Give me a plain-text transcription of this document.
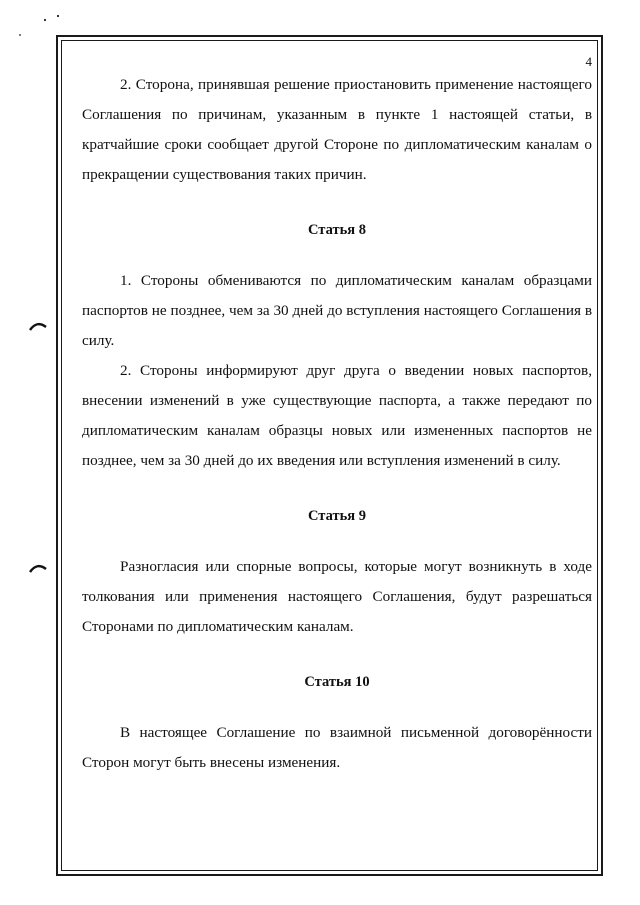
4

2. Сторона, принявшая решение приостановить применение настоящего Соглашения по причинам, указанным в пункте 1 настоящей статьи, в кратчайшие сроки сообщает другой Стороне по дипломатическим каналам о прекращении существования таких причин.

Статья 8

1. Стороны обмениваются по дипломатическим каналам образцами паспортов не позднее, чем за 30 дней до вступления настоящего Соглашения в силу.

2. Стороны информируют друг друга о введении новых паспортов, внесении изменений в уже существующие паспорта, а также передают по дипломатическим каналам образцы новых или измененных паспортов не позднее, чем за 30 дней до их введения или вступления изменений в силу.

Статья 9

Разногласия или спорные вопросы, которые могут возникнуть в ходе толкования или применения настоящего Соглашения, будут разрешаться Сторонами по дипломатическим каналам.

Статья 10

В настоящее Соглашение по взаимной письменной договорённости Сторон могут быть внесены изменения.
